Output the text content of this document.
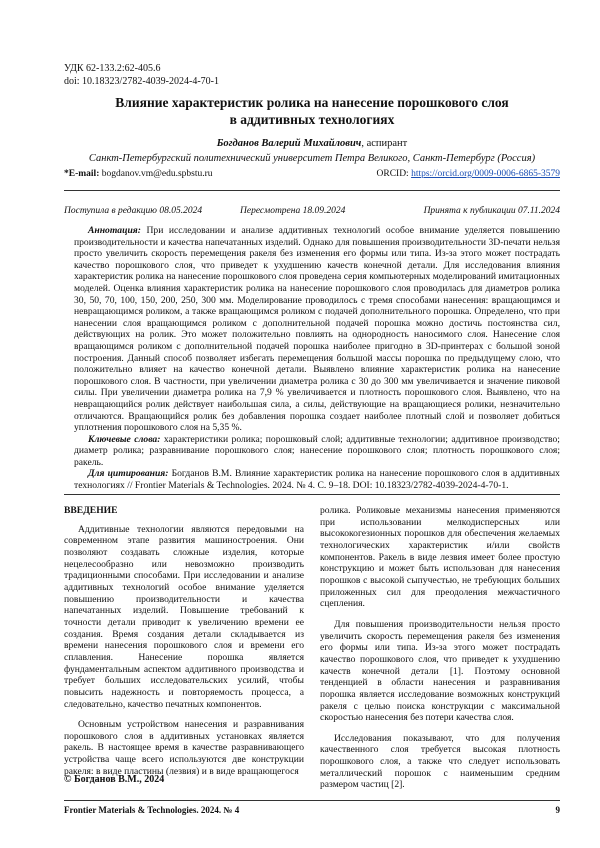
УДК 62-133.2:62-405.6
doi: 10.18323/2782-4039-2024-4-70-1
Влияние характеристик ролика на нанесение порошкового слоя
в аддитивных технологиях
Богданов Валерий Михайлович, аспирант
Санкт-Петербургский политехнический университет Петра Великого, Санкт-Петербург (Россия)
*E-mail: bogdanov.vm@edu.spbstu.ru	ORCID: https://orcid.org/0009-0006-6865-3579
Поступила в редакцию 08.05.2024	Пересмотрена 18.09.2024	Принята к публикации 07.11.2024

Аннотация: При исследовании и анализе аддитивных технологий особое внимание уделяется повышению производительности и качества напечатанных изделий. Однако для повышения производительности 3D-печати нельзя просто увеличить скорость перемещения ракеля без изменения его формы или типа. Из-за этого может пострадать качество порошкового слоя, что приведет к ухудшению качеств конечной детали. Для исследования влияния характеристик ролика на нанесение порошкового слоя проведена серия компьютерных моделирований имитационных моделей. Оценка влияния характеристик ролика на нанесение порошкового слоя проводилась для диаметров ролика 30, 50, 70, 100, 150, 200, 250, 300 мм. Моделирование проводилось с тремя способами нанесения: вращающимся и невращающимся роликом, а также вращающимся роликом с подачей дополнительного порошка. Определено, что при нанесении слоя вращающимся роликом с дополнительной подачей порошка можно достичь постоянства сил, действующих на ролик. Это может положительно повлиять на однородность наносимого слоя. Нанесение слоя вращающимся роликом с дополнительной подачей порошка наиболее пригодно в 3D-принтерах с большой зоной построения. Данный способ позволяет избегать перемещения большой массы порошка по предыдущему слою, что положительно влияет на качество конечной детали. Выявлено влияние характеристик ролика на нанесение порошкового слоя. В частности, при увеличении диаметра ролика с 30 до 300 мм увеличивается и значение пиковой силы. При увеличении диаметра ролика на 7,9 % увеличивается и плотность порошкового слоя. Выявлено, что на невращающийся ролик действует наибольшая сила, а силы, действующие на вращающиеся ролики, незначительно отличаются. Вращающийся ролик без добавления порошка создает наиболее плотный слой и позволяет добиться уплотнения порошкового слоя на 5,35 %.

Ключевые слова: характеристики ролика; порошковый слой; аддитивные технологии; аддитивное производство; диаметр ролика; разравнивание порошкового слоя; нанесение порошкового слоя; плотность порошкового слоя; ракель.

Для цитирования: Богданов В.М. Влияние характеристик ролика на нанесение порошкового слоя в аддитивных технологиях // Frontier Materials & Technologies. 2024. № 4. С. 9–18. DOI: 10.18323/2782-4039-2024-4-70-1.

ВВЕДЕНИЕ

Аддитивные технологии являются передовыми на современном этапе развития машиностроения. Они позволяют создавать сложные изделия, которые нецелесообразно или невозможно производить традиционными способами. При исследовании и анализе аддитивных технологий особое внимание уделяется повышению производительности и качества напечатанных изделий. Повышение требований к точности детали приводит к увеличению времени ее создания. Время создания детали складывается из времени нанесения порошкового слоя и времени его сплавления. Нанесение порошка является фундаментальным аспектом аддитивного производства и требует больших исследовательских усилий, чтобы повысить надежность и повторяемость процесса, а следовательно, качество печатных компонентов.

Основным устройством нанесения и разравнивания порошкового слоя в аддитивных установках является ракель. В настоящее время в качестве разравнивающего устройства чаще всего используются две конструкции ракеля: в виде пластины (лезвия) и в виде вращающегося

ролика. Роликовые механизмы нанесения применяются при использовании мелкодисперсных или высококогезионных порошков для обеспечения желаемых технологических характеристик и/или свойств компонентов. Ракель в виде лезвия имеет более простую конструкцию и может быть использован для нанесения порошков с высокой сыпучестью, не требующих больших приложенных сил для преодоления межчастичного сцепления.

Для повышения производительности нельзя просто увеличить скорость перемещения ракеля без изменения его формы или типа. Из-за этого может пострадать качество порошкового слоя, что приведет к ухудшению качеств конечной детали [1]. Поэтому основной тенденцией в области нанесения и разравнивания порошка является исследование возможных конструкций ракеля с целью поиска конструкции с максимальной скоростью нанесения без потери качества слоя.

Исследования показывают, что для получения качественного слоя требуется высокая плотность порошкового слоя, а также что следует использовать металлический порошок с наименьшим средним размером частиц [2].

© Богданов В.М., 2024
Frontier Materials & Technologies. 2024. № 4	9
